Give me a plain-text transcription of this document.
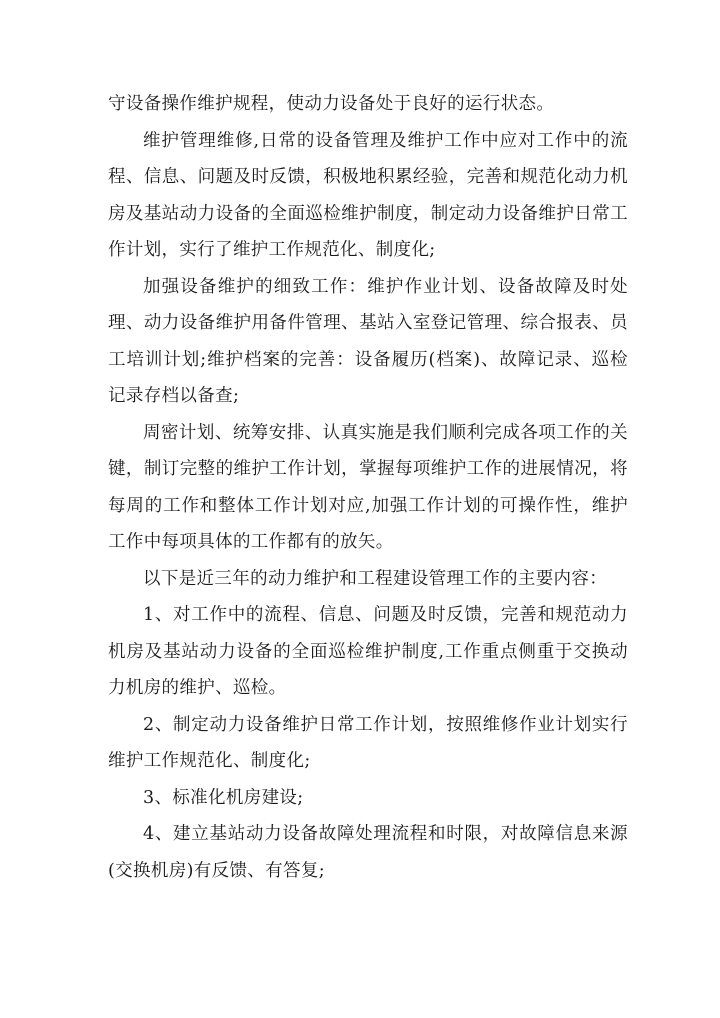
守设备操作维护规程，使动力设备处于良好的运行状态。

维护管理维修,日常的设备管理及维护工作中应对工作中的流程、信息、问题及时反馈，积极地积累经验，完善和规范化动力机房及基站动力设备的全面巡检维护制度，制定动力设备维护日常工作计划，实行了维护工作规范化、制度化;

加强设备维护的细致工作：维护作业计划、设备故障及时处理、动力设备维护用备件管理、基站入室登记管理、综合报表、员工培训计划;维护档案的完善：设备履历(档案)、故障记录、巡检记录存档以备查;

周密计划、统筹安排、认真实施是我们顺利完成各项工作的关键，制订完整的维护工作计划，掌握每项维护工作的进展情况，将每周的工作和整体工作计划对应,加强工作计划的可操作性，维护工作中每项具体的工作都有的放矢。

以下是近三年的动力维护和工程建设管理工作的主要内容：

1、对工作中的流程、信息、问题及时反馈，完善和规范动力机房及基站动力设备的全面巡检维护制度,工作重点侧重于交换动力机房的维护、巡检。

2、制定动力设备维护日常工作计划，按照维修作业计划实行维护工作规范化、制度化;

3、标准化机房建设;

4、建立基站动力设备故障处理流程和时限，对故障信息来源(交换机房)有反馈、有答复;
